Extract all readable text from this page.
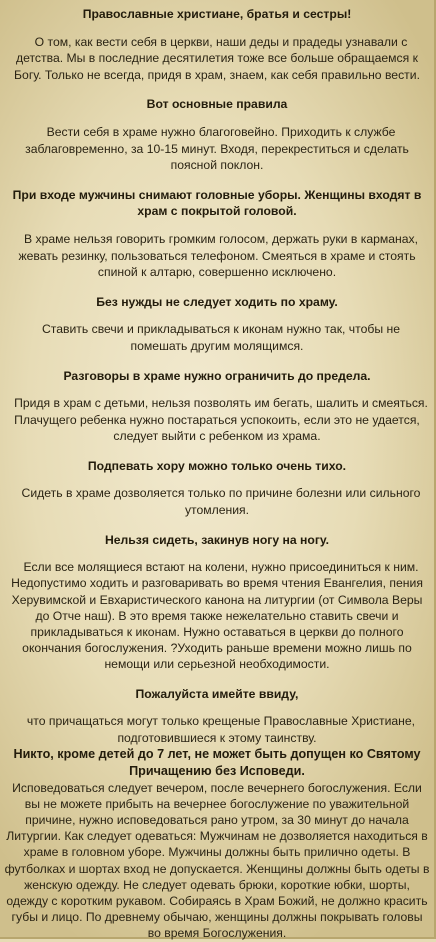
Православные христиане, братья и сестры!

О том, как вести себя в церкви, наши деды и прадеды узнавали с детства. Мы в последние десятилетия тоже все больше обращаемся к Богу. Только не всегда, придя в храм, знаем, как себя правильно вести.

Вот основные правила

Вести себя в храме нужно благоговейно. Приходить к службе заблаговременно, за 10-15 минут. Входя, перекреститься и сделать поясной поклон.

При входе мужчины снимают головные уборы. Женщины входят в храм с покрытой головой.

В храме нельзя говорить громким голосом, держать руки в карманах, жевать резинку, пользоваться телефоном. Смеяться в храме и стоять спиной к алтарю, совершенно исключено.

Без нужды не следует ходить по храму.

Ставить свечи и прикладываться к иконам нужно так, чтобы не помешать другим молящимся.

Разговоры в храме нужно ограничить до предела.

Придя в храм с детьми, нельзя позволять им бегать, шалить и смеяться. Плачущего ребенка нужно постараться успокоить, если это не удается, следует выйти с ребенком из храма.

Подпевать хору можно только очень тихо.

Сидеть в храме дозволяется только по причине болезни или сильного утомления.

Нельзя сидеть, закинув ногу на ногу.

Если все молящиеся встают на колени, нужно присоединиться к ним. Недопустимо ходить и разговаривать во время чтения Евангелия, пения Херувимской и Евхаристического канона на литургии (от Символа Веры до Отче наш). В это время также нежелательно ставить свечи и прикладываться к иконам. Нужно оставаться в церкви до полного окончания богослужения. ?Уходить раньше времени можно лишь по немощи или серьезной необходимости.

Пожалуйста имейте ввиду,

что причащаться могут только крещеные Православные Христиане, подготовившиеся к этому таинству.

Никто, кроме детей до 7 лет, не может быть допущен ко Святому Причащению без Исповеди.

Исповедоваться следует вечером, после вечернего богослужения. Если вы не можете прибыть на вечернее богослужение по уважительной причине, нужно исповедоваться рано утром, за 30 минут до начала Литургии. Как следует одеваться: Мужчинам не дозволяется находиться в храме в головном уборе. Мужчины должны быть прилично одеты. В футболках и шортах вход не допускается. Женщины должны быть одеты в женскую одежду. Не следует одевать брюки, короткие юбки, шорты, одежду с коротким рукавом. Собираясь в Храм Божий, не должно красить губы и лицо. По древнему обычаю, женщины должны покрывать головы во время Богослужения.
